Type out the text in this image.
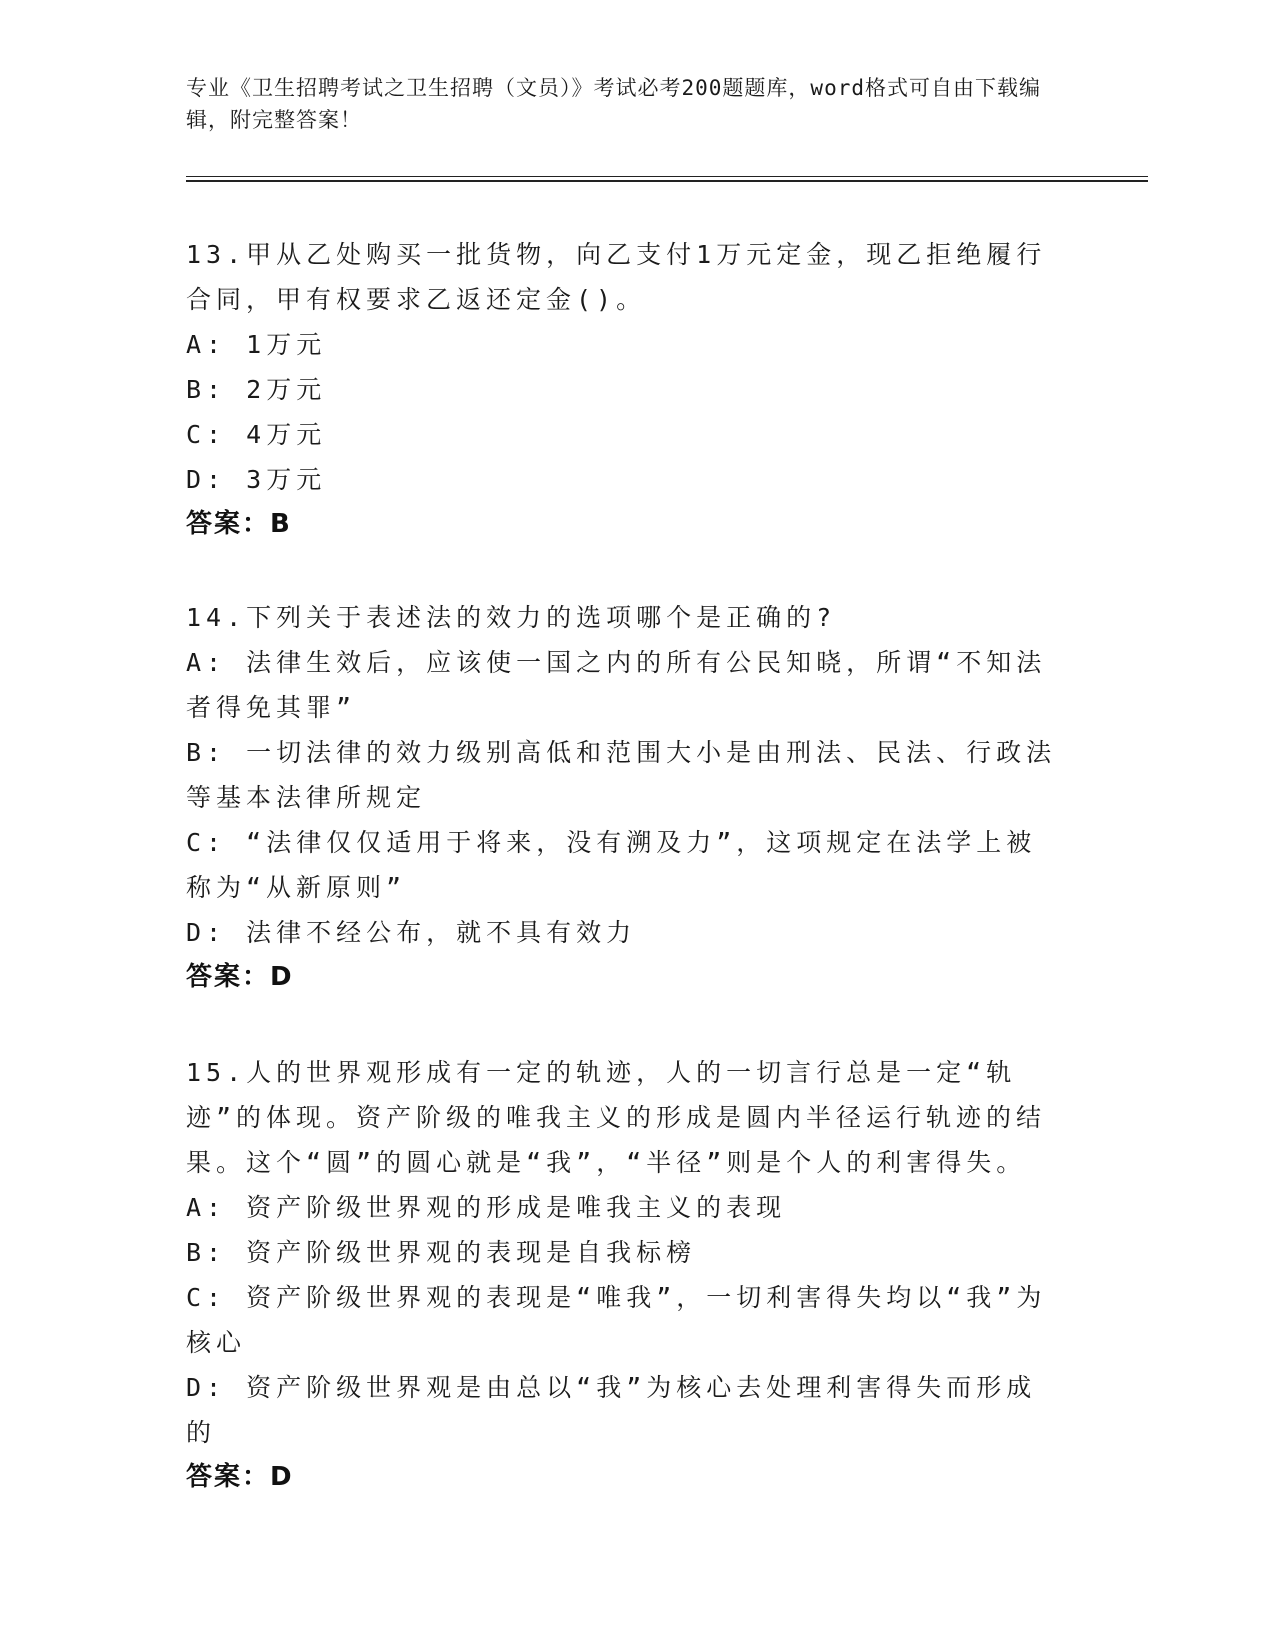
专业《卫生招聘考试之卫生招聘（文员）》考试必考200题题库，word格式可自由下载编辑，附完整答案！

13.甲从乙处购买一批货物，向乙支付1万元定金，现乙拒绝履行合同，甲有权要求乙返还定金()。

A: 1万元

B: 2万元

C: 4万元

D: 3万元

答案：B

14.下列关于表述法的效力的选项哪个是正确的?

A: 法律生效后，应该使一国之内的所有公民知晓，所谓“不知法者得免其罪”

B: 一切法律的效力级别高低和范围大小是由刑法、民法、行政法等基本法律所规定

C: “法律仅仅适用于将来，没有溯及力”，这项规定在法学上被称为“从新原则”

D: 法律不经公布，就不具有效力

答案：D

15.人的世界观形成有一定的轨迹，人的一切言行总是一定“轨迹”的体现。资产阶级的唯我主义的形成是圆内半径运行轨迹的结果。这个“圆”的圆心就是“我”，“半径”则是个人的利害得失。

A: 资产阶级世界观的形成是唯我主义的表现

B: 资产阶级世界观的表现是自我标榜

C: 资产阶级世界观的表现是“唯我”，一切利害得失均以“我”为核心

D: 资产阶级世界观是由总以“我”为核心去处理利害得失而形成的

答案：D
